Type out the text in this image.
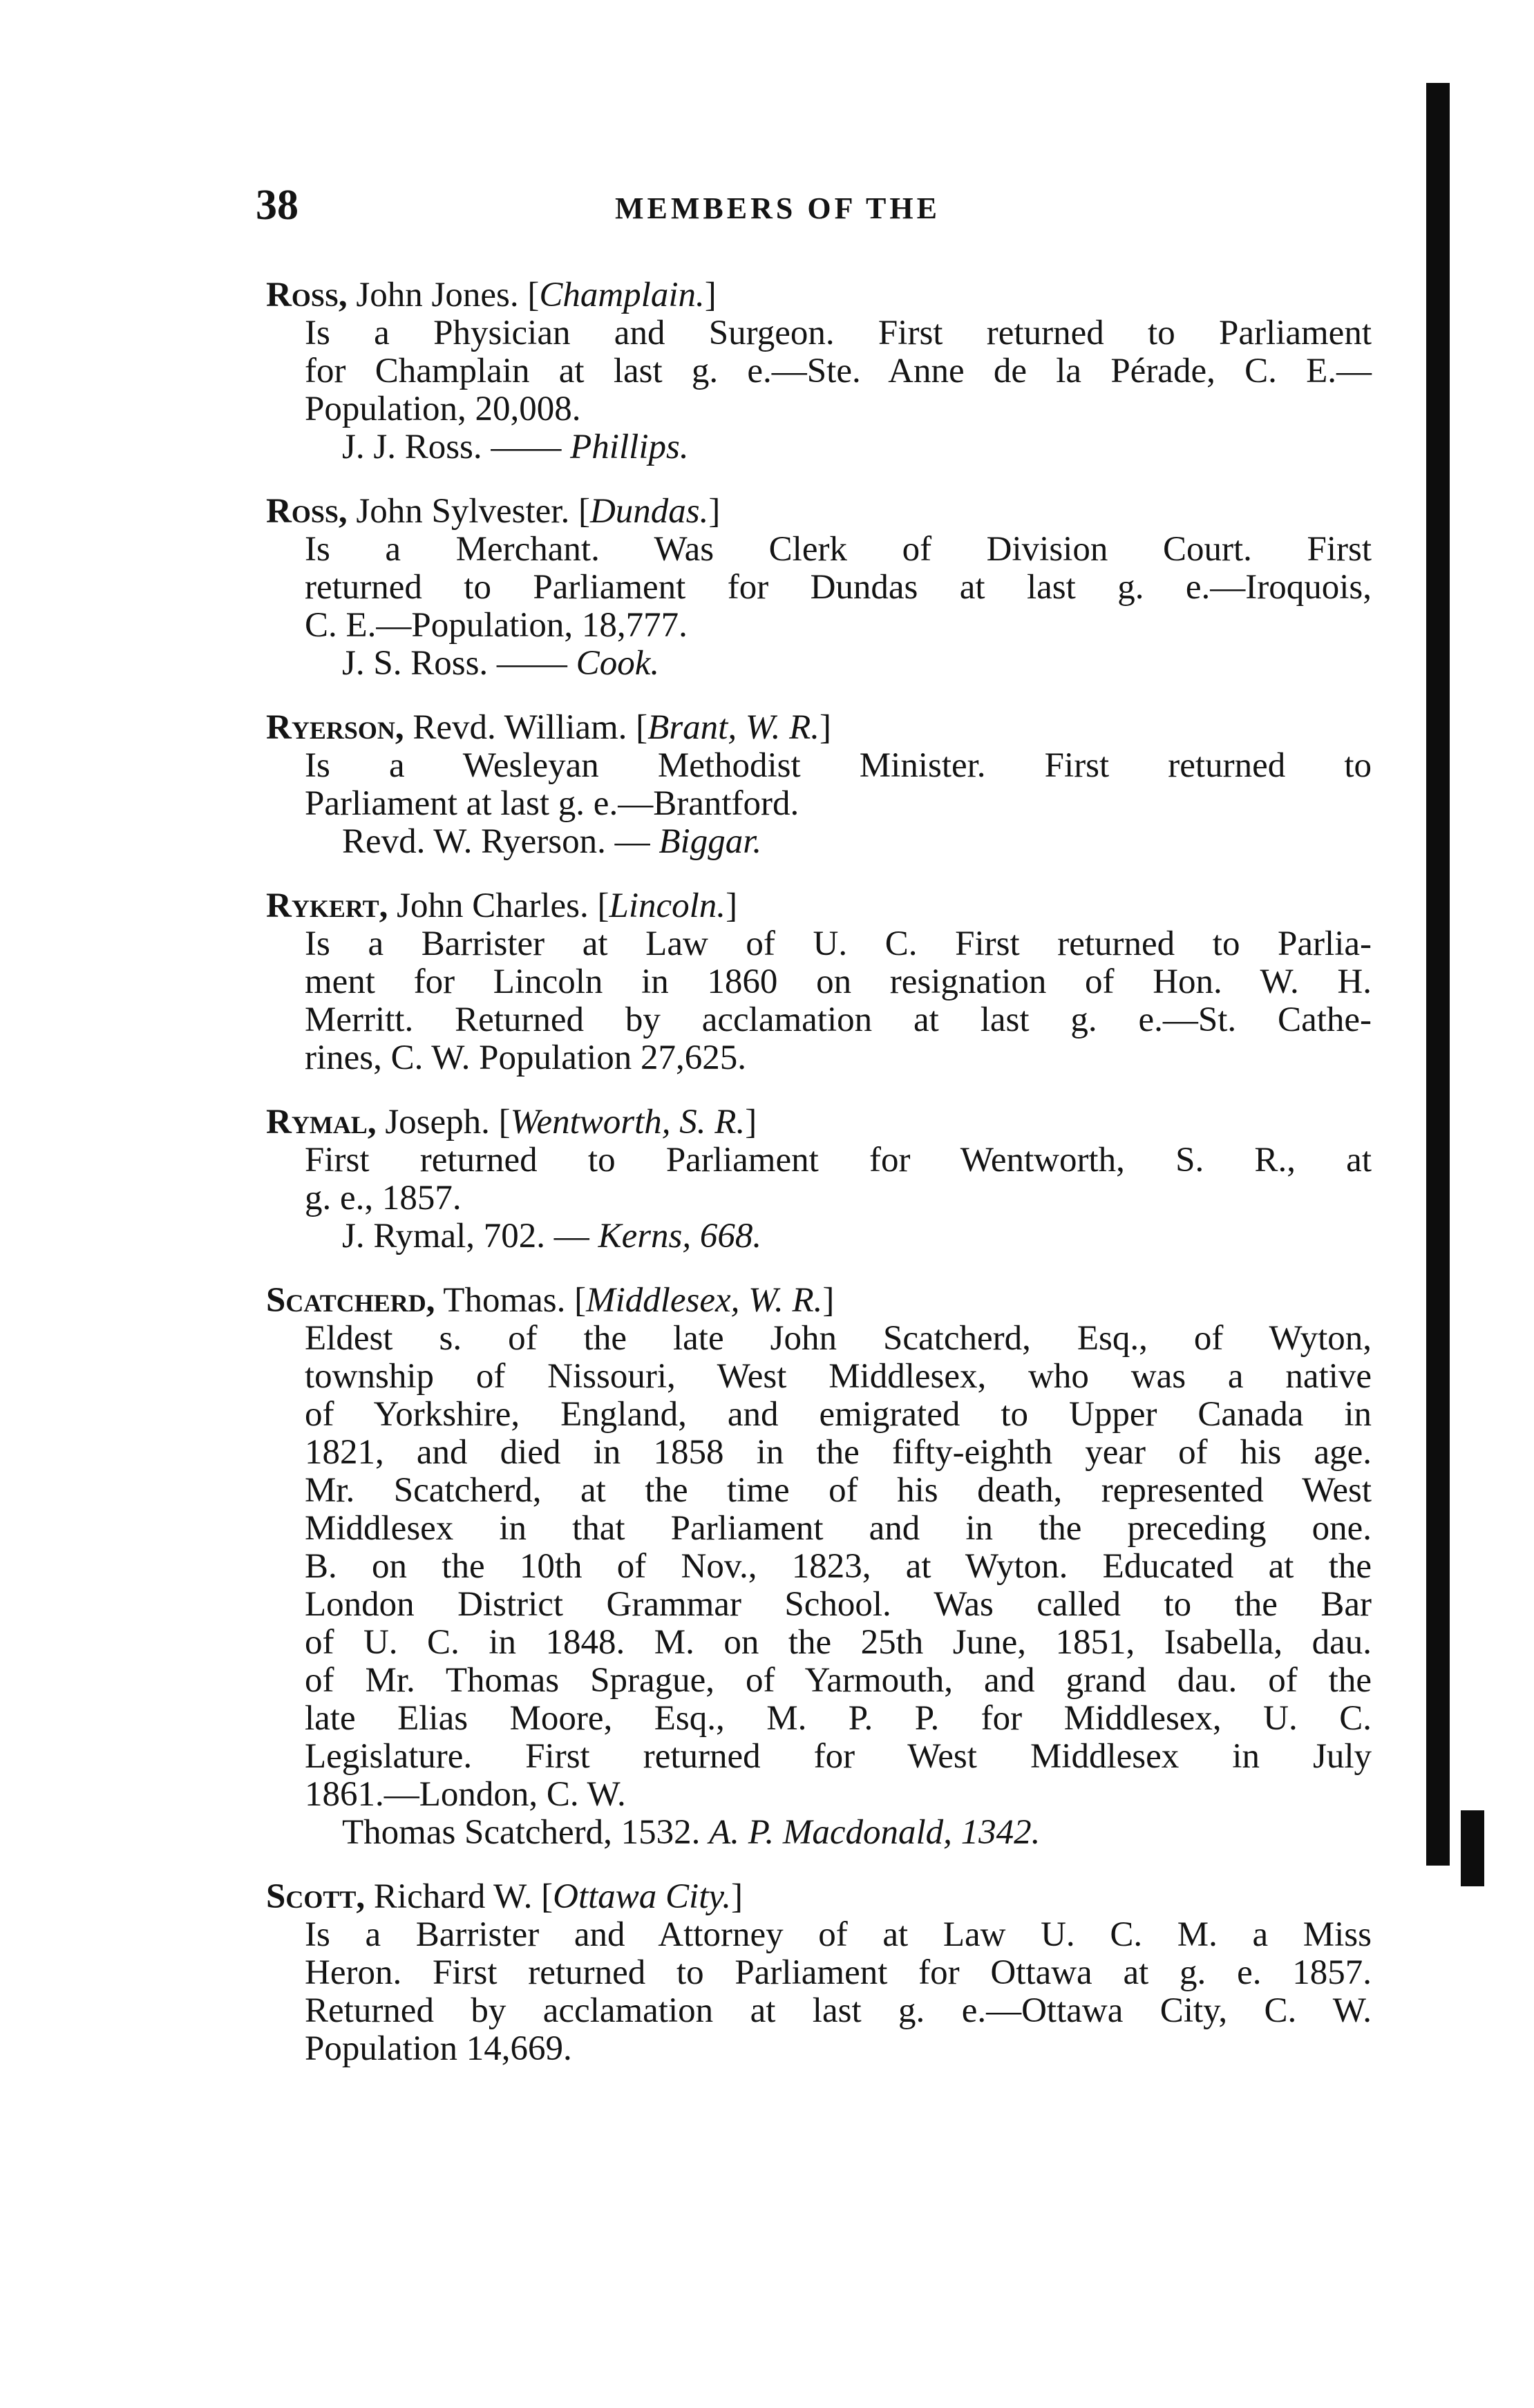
38	MEMBERS OF THE

Ross, John Jones. [Champlain.]

Is a Physician and Surgeon. First returned to Parliament

for Champlain at last g. e.—Ste. Anne de la Pérade, C. E.—

Population, 20,008.

J. J. Ross. —— Phillips.

Ross, John Sylvester. [Dundas.]

Is a Merchant. Was Clerk of Division Court. First

returned to Parliament for Dundas at last g. e.—Iroquois,

C. E.—Population, 18,777.

J. S. Ross. —— Cook.

Ryerson, Revd. William. [Brant, W. R.]

Is a Wesleyan Methodist Minister. First returned to

Parliament at last g. e.—Brantford.

Revd. W. Ryerson. — Biggar.

Rykert, John Charles. [Lincoln.]

Is a Barrister at Law of U. C. First returned to Parlia-

ment for Lincoln in 1860 on resignation of Hon. W. H.

Merritt. Returned by acclamation at last g. e.—St. Cathe-

rines, C. W. Population 27,625.

Rymal, Joseph. [Wentworth, S. R.]

First returned to Parliament for Wentworth, S. R., at

g. e., 1857.

J. Rymal, 702. — Kerns, 668.

Scatcherd, Thomas. [Middlesex, W. R.]

Eldest s. of the late John Scatcherd, Esq., of Wyton,

township of Nissouri, West Middlesex, who was a native

of Yorkshire, England, and emigrated to Upper Canada in

1821, and died in 1858 in the fifty-eighth year of his age.

Mr. Scatcherd, at the time of his death, represented West

Middlesex in that Parliament and in the preceding one.

B. on the 10th of Nov., 1823, at Wyton. Educated at the

London District Grammar School. Was called to the Bar

of U. C. in 1848. M. on the 25th June, 1851, Isabella, dau.

of Mr. Thomas Sprague, of Yarmouth, and grand dau. of the

late Elias Moore, Esq., M. P. P. for Middlesex, U. C.

Legislature. First returned for West Middlesex in July

1861.—London, C. W.

Thomas Scatcherd, 1532. A. P. Macdonald, 1342.

Scott, Richard W. [Ottawa City.]

Is a Barrister and Attorney of at Law U. C. M. a Miss

Heron. First returned to Parliament for Ottawa at g. e. 1857.

Returned by acclamation at last g. e.—Ottawa City, C. W.

Population 14,669.
